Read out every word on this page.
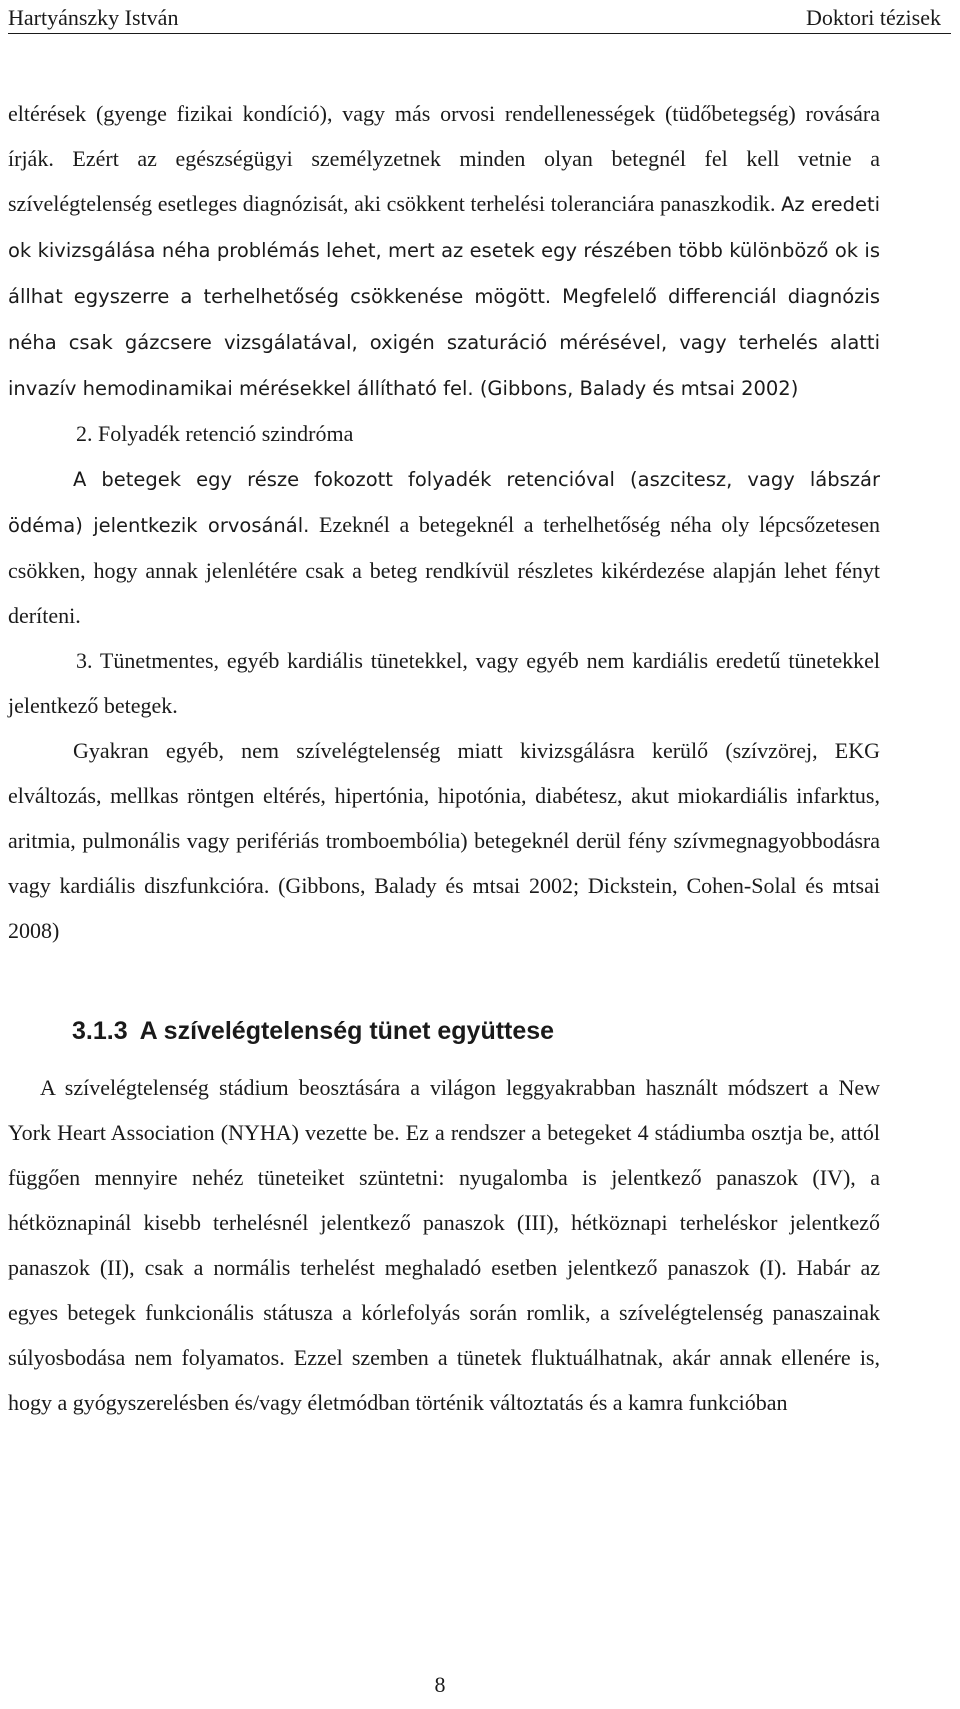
Hartyánszky István	Doktori tézisek

eltérések (gyenge fizikai kondíció), vagy más orvosi rendellenességek (tüdőbetegség) rovására írják. Ezért az egészségügyi személyzetnek minden olyan betegnél fel kell vetnie a szívelégtelenség esetleges diagnózisát, aki csökkent terhelési toleranciára panaszkodik. Az eredeti ok kivizsgálása néha problémás lehet, mert az esetek egy részében több különböző ok is állhat egyszerre a terhelhetőség csökkenése mögött. Megfelelő differenciál diagnózis néha csak gázcsere vizsgálatával, oxigén szaturáció mérésével, vagy terhelés alatti invazív hemodinamikai mérésekkel állítható fel. (Gibbons, Balady és mtsai 2002)

2. Folyadék retenció szindróma

A betegek egy része fokozott folyadék retencióval (aszcitesz, vagy lábszár ödéma) jelentkezik orvosánál. Ezeknél a betegeknél a terhelhetőség néha oly lépcsőzetesen csökken, hogy annak jelenlétére csak a beteg rendkívül részletes kikérdezése alapján lehet fényt deríteni.

3. Tünetmentes, egyéb kardiális tünetekkel, vagy egyéb nem kardiális eredetű tünetekkel jelentkező betegek.

Gyakran egyéb, nem szívelégtelenség miatt kivizsgálásra kerülő (szívzörej, EKG elváltozás, mellkas röntgen eltérés, hipertónia, hipotónia, diabétesz, akut miokardiális infarktus, aritmia, pulmonális vagy perifériás tromboembólia) betegeknél derül fény szívmegnagyobbodásra vagy kardiális diszfunkcióra. (Gibbons, Balady és mtsai 2002; Dickstein, Cohen-Solal és mtsai 2008)

3.1.3 A szívelégtelenség tünet együttese

A szívelégtelenség stádium beosztására a világon leggyakrabban használt módszert a New York Heart Association (NYHA) vezette be. Ez a rendszer a betegeket 4 stádiumba osztja be, attól függően mennyire nehéz tüneteiket szüntetni: nyugalomba is jelentkező panaszok (IV), a hétköznapinál kisebb terhelésnél jelentkező panaszok (III), hétköznapi terheléskor jelentkező panaszok (II), csak a normális terhelést meghaladó esetben jelentkező panaszok (I). Habár az egyes betegek funkcionális státusza a kórlefolyás során romlik, a szívelégtelenség panaszainak súlyosbodása nem folyamatos. Ezzel szemben a tünetek fluktuálhatnak, akár annak ellenére is, hogy a gyógyszerelésben és/vagy életmódban történik változtatás és a kamra funkcióban

8
